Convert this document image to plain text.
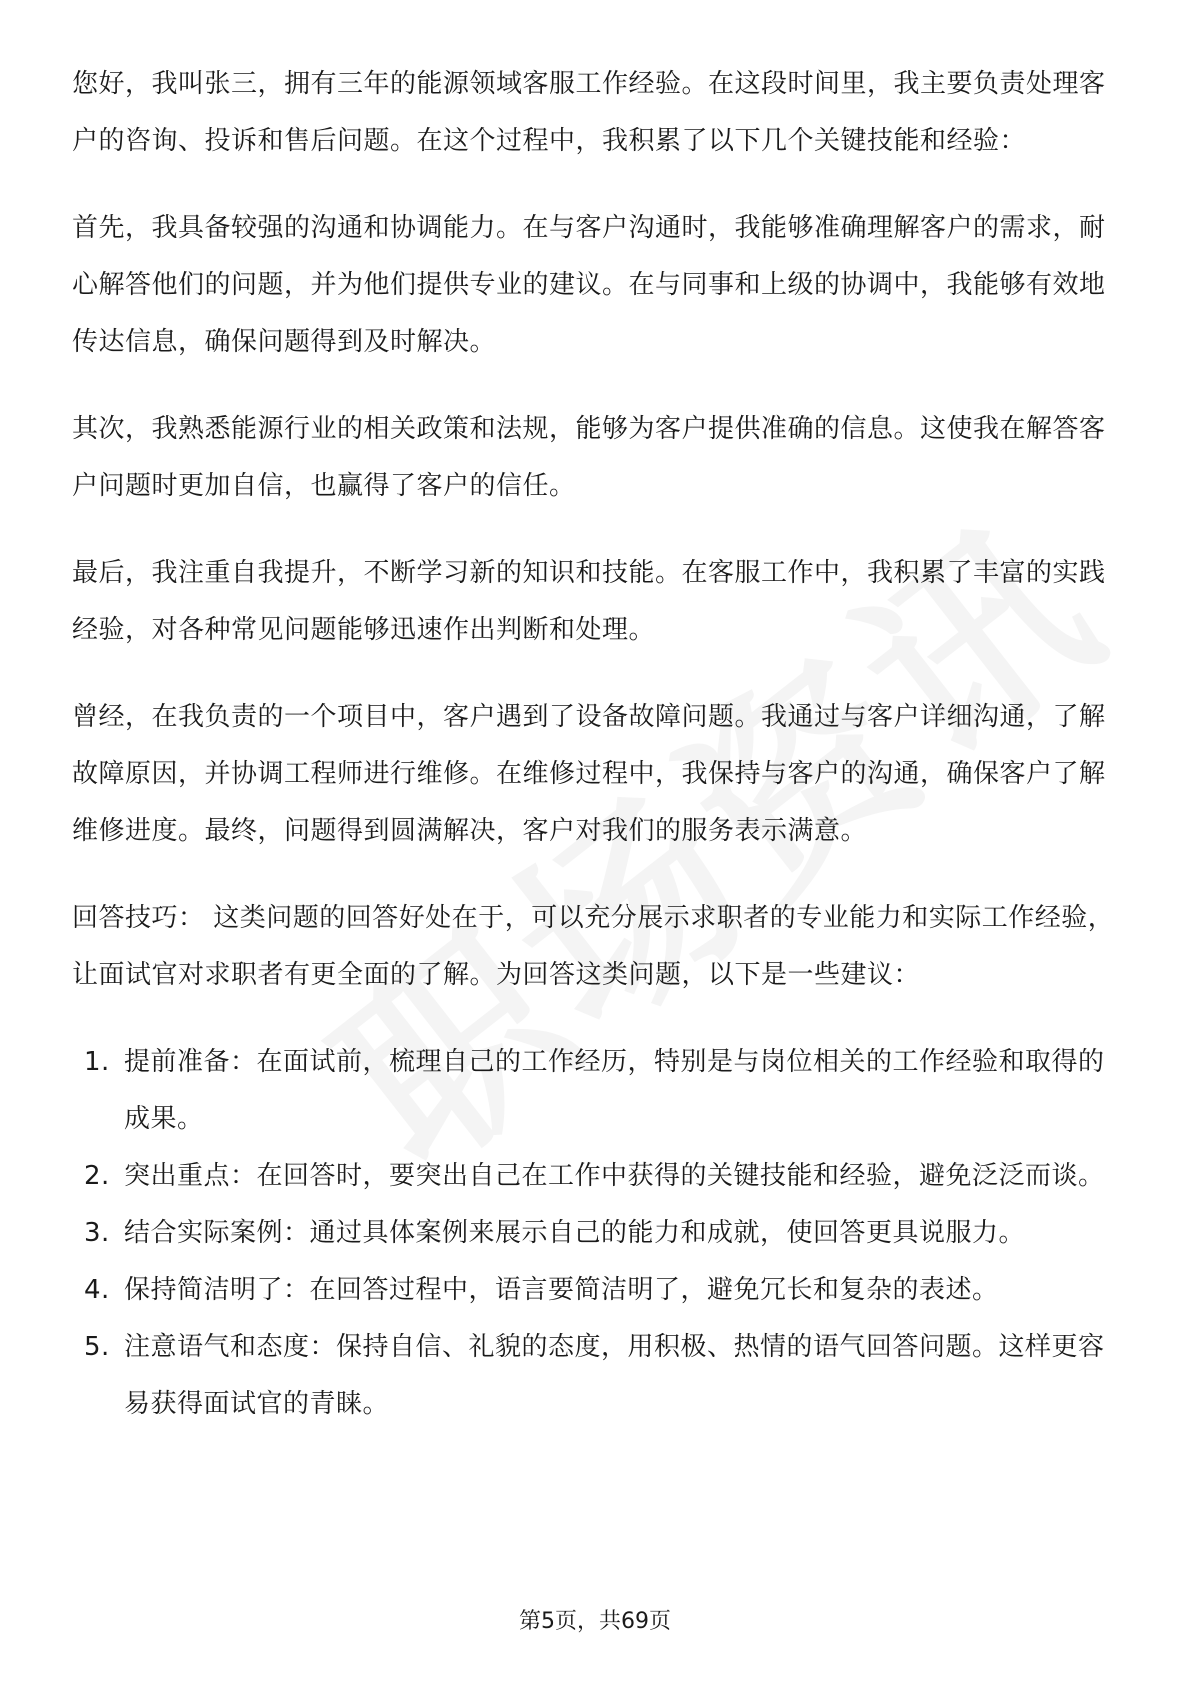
您好，我叫张三，拥有三年的能源领域客服工作经验。在这段时间里，我主要负责处理客户的咨询、投诉和售后问题。在这个过程中，我积累了以下几个关键技能和经验：

首先，我具备较强的沟通和协调能力。在与客户沟通时，我能够准确理解客户的需求，耐心解答他们的问题，并为他们提供专业的建议。在与同事和上级的协调中，我能够有效地传达信息，确保问题得到及时解决。

其次，我熟悉能源行业的相关政策和法规，能够为客户提供准确的信息。这使我在解答客户问题时更加自信，也赢得了客户的信任。

最后，我注重自我提升，不断学习新的知识和技能。在客服工作中，我积累了丰富的实践经验，对各种常见问题能够迅速作出判断和处理。

曾经，在我负责的一个项目中，客户遇到了设备故障问题。我通过与客户详细沟通，了解故障原因，并协调工程师进行维修。在维修过程中，我保持与客户的沟通，确保客户了解维修进度。最终，问题得到圆满解决，客户对我们的服务表示满意。

回答技巧： 这类问题的回答好处在于，可以充分展示求职者的专业能力和实际工作经验，让面试官对求职者有更全面的了解。为回答这类问题，以下是一些建议：

1. 提前准备：在面试前，梳理自己的工作经历，特别是与岗位相关的工作经验和取得的成果。
2. 突出重点：在回答时，要突出自己在工作中获得的关键技能和经验，避免泛泛而谈。
3. 结合实际案例：通过具体案例来展示自己的能力和成就，使回答更具说服力。
4. 保持简洁明了：在回答过程中，语言要简洁明了，避免冗长和复杂的表述。
5. 注意语气和态度：保持自信、礼貌的态度，用积极、热情的语气回答问题。这样更容易获得面试官的青睐。
第5页，共69页
